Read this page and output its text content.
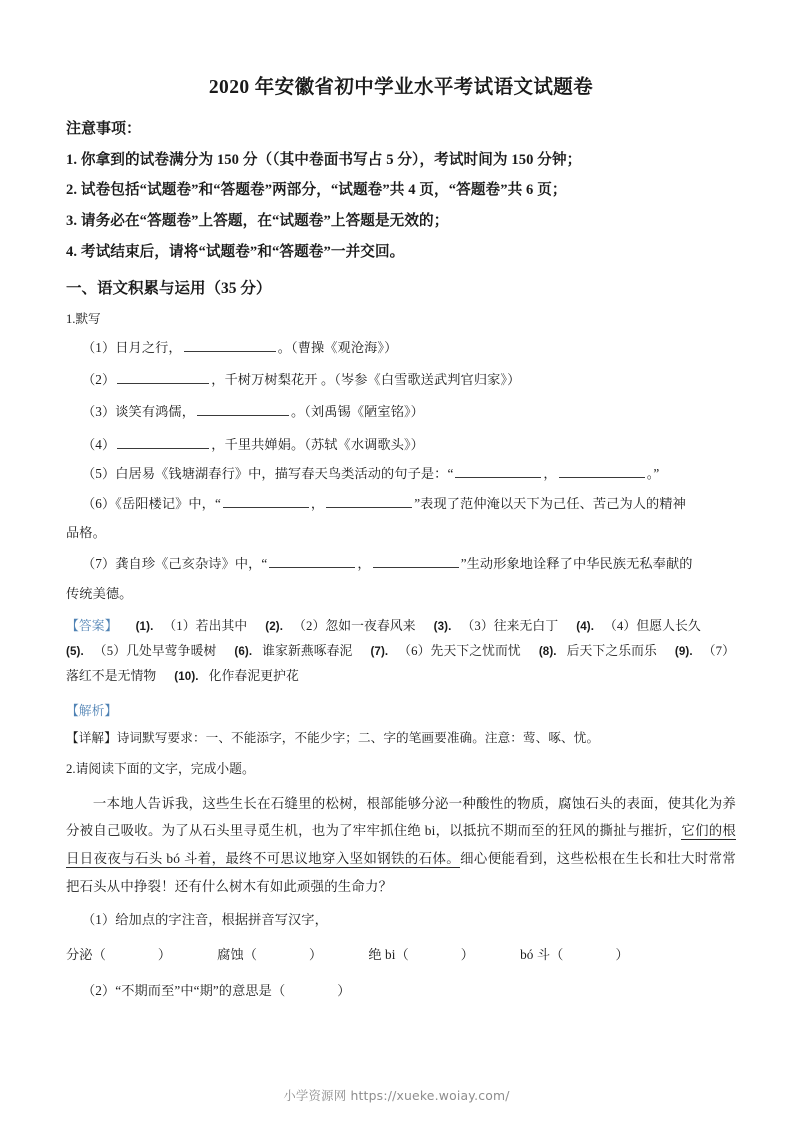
2020 年安徽省初中学业水平考试语文试题卷
注意事项：
1. 你拿到的试卷满分为 150 分（（其中卷面书写占 5 分），考试时间为 150 分钟；
2. 试卷包括“试题卷”和“答题卷”两部分，“试题卷”共 4 页，“答题卷”共 6 页；
3. 请务必在“答题卷”上答题，在“试题卷”上答题是无效的；
4. 考试结束后，请将“试题卷”和“答题卷”一并交回。
一、语文积累与运用（35 分）
1.默写
（1）日月之行，	。（曹操《观沧海》）
（2）	，千树万树梨花开 。（岑参《白雪歌送武判官归家》）
（3）谈笑有鸿儒，	。（刘禹锡《陋室铭》）
（4）	，千里共婵娟。（苏轼《水调歌头》）
（5）白居易《钱塘湖春行》中，描写春天鸟类活动的句子是：“	，	。”
（6）《岳阳楼记》中，“	，	”表现了范仲淹以天下为己任、苦己为人的精神
品格。
（7）龚自珍《己亥杂诗》中，“	，	”生动形象地诠释了中华民族无私奉献的
传统美德。
【答案】 (1). （1）若出其中 (2). （2）忽如一夜春风来 (3). （3）往来无白丁 (4). （4）但愿人长久(5). （5）几处早莺争暖树 (6). 谁家新燕啄春泥 (7). （6）先天下之忧而忧 (8). 后天下之乐而乐 (9). （7）落红不是无情物 (10). 化作春泥更护花
【解析】
【详解】诗词默写要求：一、不能添字，不能少字；二、字的笔画要准确。注意：莺、啄、忧。
2.请阅读下面的文字，完成小题。
一本地人告诉我，这些生长在石缝里的松树，根部能够分泌一种酸性的物质，腐蚀石头的表面，使其化为养分被自己吸收。为了从石头里寻觅生机，也为了牢牢抓住绝 bi，以抵抗不期而至的狂风的撕扯与摧折，它们的根日日夜夜与石头 bó 斗着，最终不可思议地穿入坚如钢铁的石体。细心便能看到，这些松根在生长和壮大时常常把石头从中挣裂！还有什么树木有如此顽强的生命力？
（1）给加点的字注音，根据拼音写汉字，
分泌（	）	腐蚀（	）	绝 bi（	）	bó 斗（	）
（2）“不期而至”中“期”的意思是（	）
小学资源网 https://xueke.woiay.com/
